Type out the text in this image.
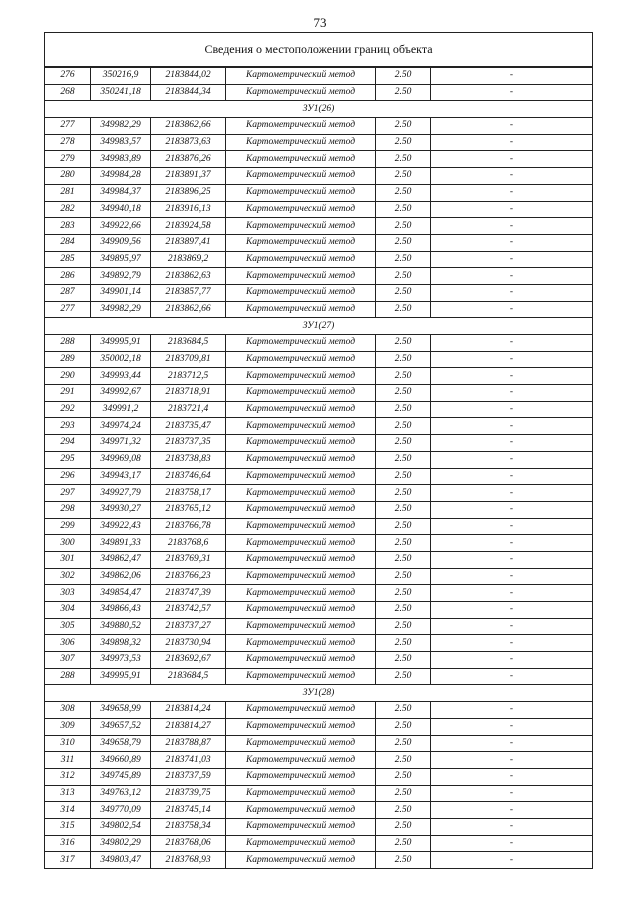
73
Сведения о местоположении границ объекта					
276	350216,9	2183844,02	Картометрический метод	2.50	-
268	350241,18	2183844,34	Картометрический метод	2.50	-
ЗУ1(26)					
277	349982,29	2183862,66	Картометрический метод	2.50	-
278	349983,57	2183873,63	Картометрический метод	2.50	-
279	349983,89	2183876,26	Картометрический метод	2.50	-
280	349984,28	2183891,37	Картометрический метод	2.50	-
281	349984,37	2183896,25	Картометрический метод	2.50	-
282	349940,18	2183916,13	Картометрический метод	2.50	-
283	349922,66	2183924,58	Картометрический метод	2.50	-
284	349909,56	2183897,41	Картометрический метод	2.50	-
285	349895,97	2183869,2	Картометрический метод	2.50	-
286	349892,79	2183862,63	Картометрический метод	2.50	-
287	349901,14	2183857,77	Картометрический метод	2.50	-
277	349982,29	2183862,66	Картометрический метод	2.50	-
ЗУ1(27)					
288	349995,91	2183684,5	Картометрический метод	2.50	-
289	350002,18	2183709,81	Картометрический метод	2.50	-
290	349993,44	2183712,5	Картометрический метод	2.50	-
291	349992,67	2183718,91	Картометрический метод	2.50	-
292	349991,2	2183721,4	Картометрический метод	2.50	-
293	349974,24	2183735,47	Картометрический метод	2.50	-
294	349971,32	2183737,35	Картометрический метод	2.50	-
295	349969,08	2183738,83	Картометрический метод	2.50	-
296	349943,17	2183746,64	Картометрический метод	2.50	-
297	349927,79	2183758,17	Картометрический метод	2.50	-
298	349930,27	2183765,12	Картометрический метод	2.50	-
299	349922,43	2183766,78	Картометрический метод	2.50	-
300	349891,33	2183768,6	Картометрический метод	2.50	-
301	349862,47	2183769,31	Картометрический метод	2.50	-
302	349862,06	2183766,23	Картометрический метод	2.50	-
303	349854,47	2183747,39	Картометрический метод	2.50	-
304	349866,43	2183742,57	Картометрический метод	2.50	-
305	349880,52	2183737,27	Картометрический метод	2.50	-
306	349898,32	2183730,94	Картометрический метод	2.50	-
307	349973,53	2183692,67	Картометрический метод	2.50	-
288	349995,91	2183684,5	Картометрический метод	2.50	-
ЗУ1(28)					
308	349658,99	2183814,24	Картометрический метод	2.50	-
309	349657,52	2183814,27	Картометрический метод	2.50	-
310	349658,79	2183788,87	Картометрический метод	2.50	-
311	349660,89	2183741,03	Картометрический метод	2.50	-
312	349745,89	2183737,59	Картометрический метод	2.50	-
313	349763,12	2183739,75	Картометрический метод	2.50	-
314	349770,09	2183745,14	Картометрический метод	2.50	-
315	349802,54	2183758,34	Картометрический метод	2.50	-
316	349802,29	2183768,06	Картометрический метод	2.50	-
317	349803,47	2183768,93	Картометрический метод	2.50	-
